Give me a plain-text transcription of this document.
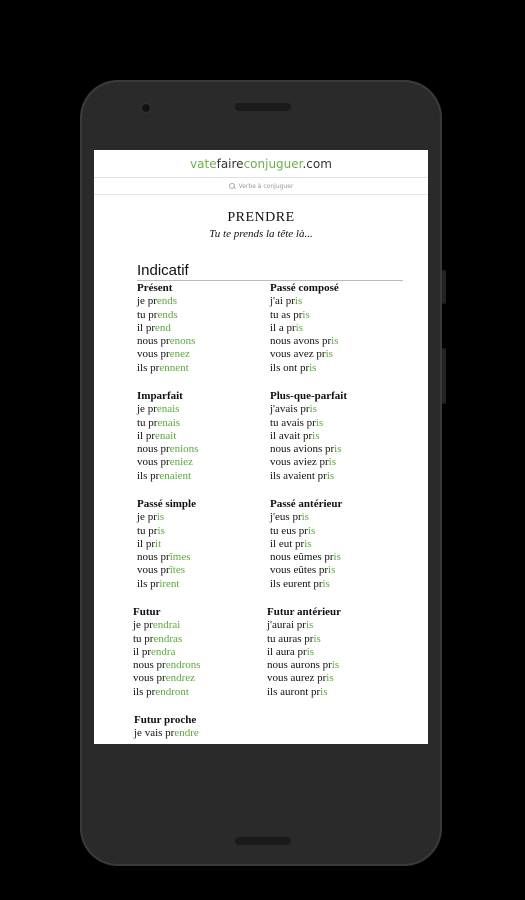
vatefaireconjuguer.com
Verbe à conjuguer
PRENDRE
Tu te prends la tête là...
Indicatif
Présent
je prends
tu prends
il prend
nous prenons
vous prenez
ils prennent
Passé composé
j'ai pris
tu as pris
il a pris
nous avons pris
vous avez pris
ils ont pris
Imparfait
je prenais
tu prenais
il prenait
nous prenions
vous preniez
ils prenaient
Plus-que-parfait
j'avais pris
tu avais pris
il avait pris
nous avions pris
vous aviez pris
ils avaient pris
Passé simple
je pris
tu pris
il prit
nous prîmes
vous prîtes
ils prirent
Passé antérieur
j'eus pris
tu eus pris
il eut pris
nous eûmes pris
vous eûtes pris
ils eurent pris
Futur
je prendrai
tu prendras
il prendra
nous prendrons
vous prendrez
ils prendront
Futur antérieur
j'aurai pris
tu auras pris
il aura pris
nous aurons pris
vous aurez pris
ils auront pris
Futur proche
je vais prendre
